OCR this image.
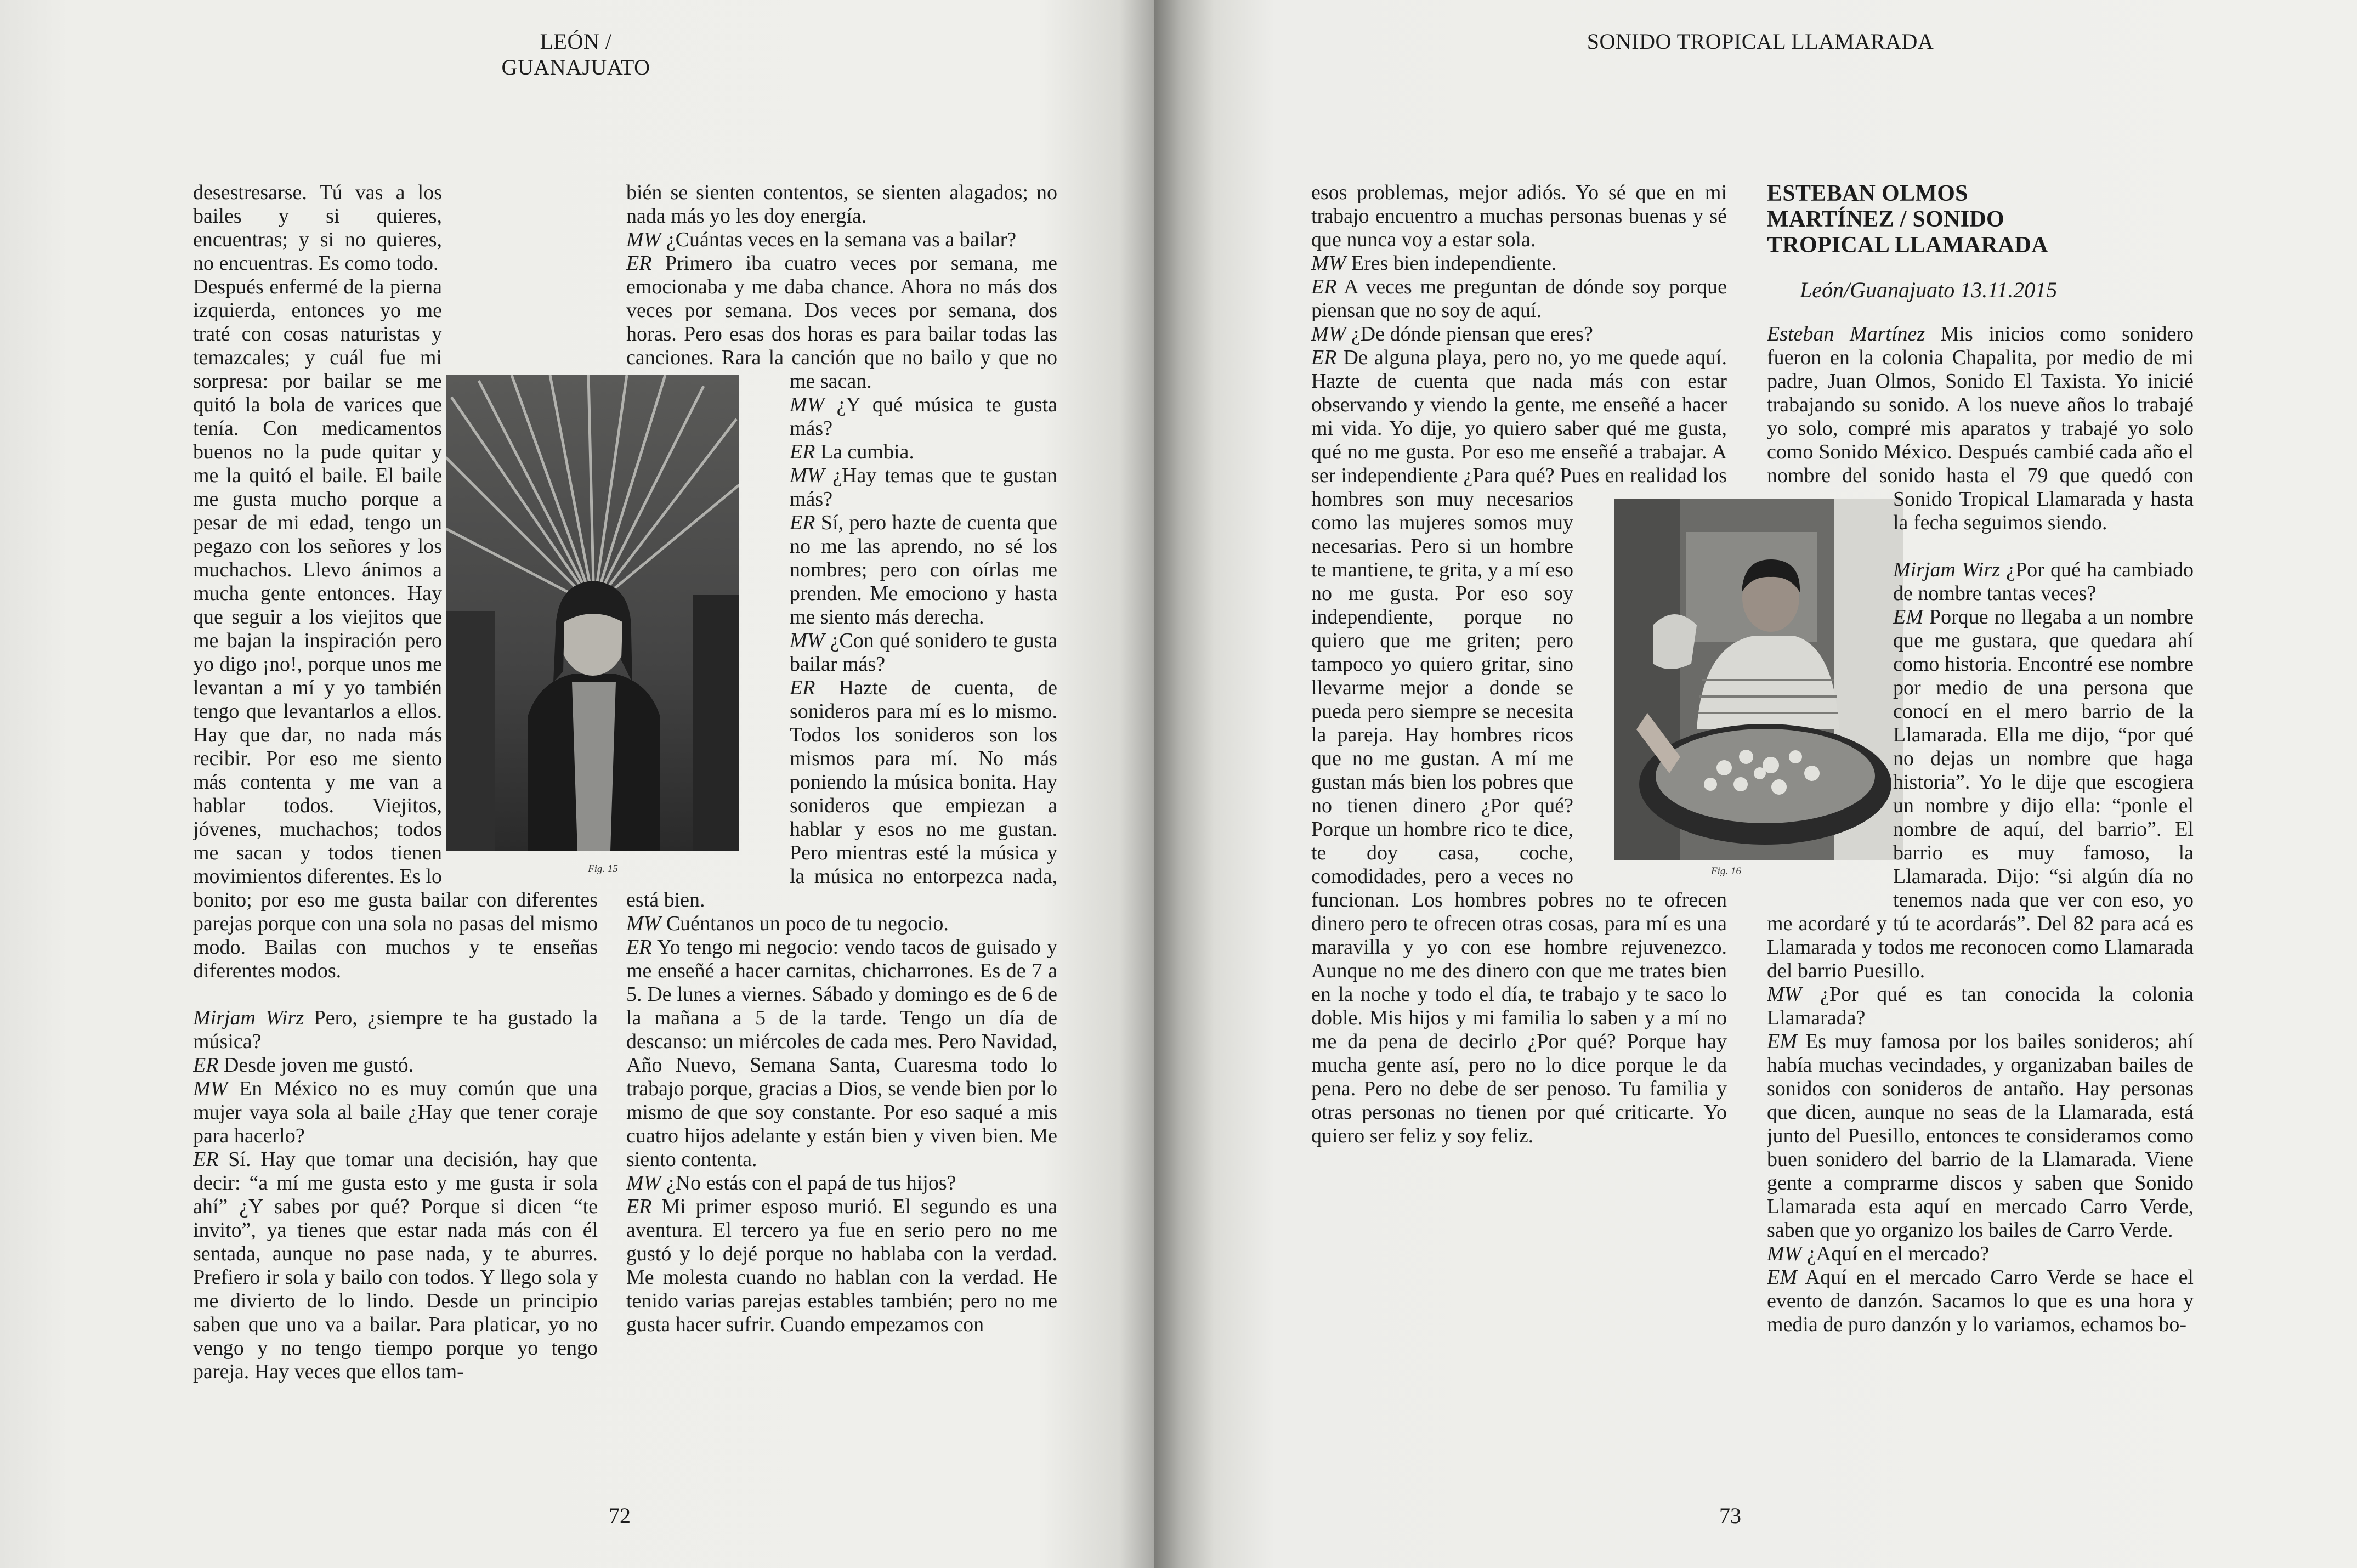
LEÓN / GUANAJUATO
Fig. 15

desestresarse. Tú vas a los bailes y si quieres, encuentras; y si no quieres, no encuentras. Es como todo.

Después enfermé de la pierna izquierda, entonces yo me traté con cosas naturistas y temazcales; y cuál fue mi sorpresa: por bailar se me quitó la bola de varices que tenía. Con medicamentos buenos no la pude quitar y me la quitó el baile. El baile me gusta mucho porque a pesar de mi edad, tengo un pegazo con los señores y los muchachos. Llevo ánimos a mucha gente entonces. Hay que seguir a los viejitos que me bajan la inspiración pero yo digo ¡no!, porque unos me levantan a mí y yo también tengo que levantarlos a ellos. Hay que dar, no nada más recibir. Por eso me siento más contenta y me van a hablar todos. Viejitos, jóvenes, muchachos; todos me sacan y todos tienen movimientos diferentes. Es lo bonito; por eso me gusta bailar con diferentes parejas porque con una sola no pasas del mismo modo. Bailas con muchos y te enseñas diferentes modos.

Mirjam Wirz Pero, ¿siempre te ha gustado la música?

ER Desde joven me gustó.

MW En México no es muy común que una mujer vaya sola al baile ¿Hay que tener coraje para hacerlo?

ER Sí. Hay que tomar una decisión, hay que decir: “a mí me gusta esto y me gusta ir sola ahí” ¿Y sabes por qué? Porque si dicen “te invito”, ya tienes que estar nada más con él sentada, aunque no pase nada, y te aburres. Prefiero ir sola y bailo con todos. Y llego sola y me divierto de lo lindo. Desde un principio saben que uno va a bailar. Para platicar, yo no vengo y no tengo tiempo porque yo tengo pareja. Hay veces que ellos tam-

bién se sienten contentos, se sienten alagados; no nada más yo les doy energía.

MW ¿Cuántas veces en la semana vas a bailar?

ER Primero iba cuatro veces por semana, me emocionaba y me daba chance. Ahora no más dos veces por semana. Dos veces por semana, dos horas. Pero esas dos horas es para bailar todas las canciones. Rara la canción que no bailo y que no me sacan.

MW ¿Y qué música te gusta más?

ER La cumbia.

MW ¿Hay temas que te gustan más?

ER Sí, pero hazte de cuenta que no me las aprendo, no sé los nombres; pero con oírlas me prenden. Me emociono y hasta me siento más derecha.

MW ¿Con qué sonidero te gusta bailar más?

ER Hazte de cuenta, de sonideros para mí es lo mismo. Todos los sonideros son los mismos para mí. No más poniendo la música bonita. Hay sonideros que empiezan a hablar y esos no me gustan. Pero mientras esté la música y la música no entorpezca nada, está bien.

MW Cuéntanos un poco de tu negocio.

ER Yo tengo mi negocio: vendo tacos de guisado y me enseñé a hacer carnitas, chicharrones. Es de 7 a 5. De lunes a viernes. Sábado y domingo es de 6 de la mañana a 5 de la tarde. Tengo un día de descanso: un miércoles de cada mes. Pero Navidad, Año Nuevo, Semana Santa, Cuaresma todo lo trabajo porque, gracias a Dios, se vende bien por lo mismo de que soy constante. Por eso saqué a mis cuatro hijos adelante y están bien y viven bien. Me siento contenta.

MW ¿No estás con el papá de tus hijos?

ER Mi primer esposo murió. El segundo es una aventura. El tercero ya fue en serio pero no me gustó y lo dejé porque no hablaba con la verdad. Me molesta cuando no hablan con la verdad. He tenido varias parejas estables también; pero no me gusta hacer sufrir. Cuando empezamos con

72
SONIDO TROPICAL LLAMARADA
Fig. 16

esos problemas, mejor adiós. Yo sé que en mi trabajo encuentro a muchas personas buenas y sé que nunca voy a estar sola.

MW Eres bien independiente.

ER A veces me preguntan de dónde soy porque piensan que no soy de aquí.

MW ¿De dónde piensan que eres?

ER De alguna playa, pero no, yo me quede aquí. Hazte de cuenta que nada más con estar observando y viendo la gente, me enseñé a hacer mi vida. Yo dije, yo quiero saber qué me gusta, qué no me gusta. Por eso me enseñé a trabajar. A ser independiente ¿Para qué? Pues en realidad los hombres son muy necesarios como las mujeres somos muy necesarias. Pero si un hombre te mantiene, te grita, y a mí eso no me gusta. Por eso soy independiente, porque no quiero que me griten; pero tampoco yo quiero gritar, sino llevarme mejor a donde se pueda pero siempre se necesita la pareja. Hay hombres ricos que no me gustan. A mí me gustan más bien los pobres que no tienen dinero ¿Por qué? Porque un hombre rico te dice, te doy casa, coche, comodidades, pero a veces no funcionan. Los hombres pobres no te ofrecen dinero pero te ofrecen otras cosas, para mí es una maravilla y yo con ese hombre rejuvenezco. Aunque no me des dinero con que me trates bien en la noche y todo el día, te trabajo y te saco lo doble. Mis hijos y mi familia lo saben y a mí no me da pena de decirlo ¿Por qué? Porque hay mucha gente así, pero no lo dice porque le da pena. Pero no debe de ser penoso. Tu familia y otras personas no tienen por qué criticarte. Yo quiero ser feliz y soy feliz.

ESTEBAN OLMOS MARTÍNEZ / SONIDO TROPICAL LLAMARADA
León/Guanajuato 13.11.2015

Esteban Martínez Mis inicios como sonidero fueron en la colonia Chapalita, por medio de mi padre, Juan Olmos, Sonido El Taxista. Yo inicié trabajando su sonido. A los nueve años lo trabajé yo solo, compré mis aparatos y trabajé yo solo como Sonido México. Después cambié cada año el nombre del sonido hasta el 79 que quedó con Sonido Tropical Llamarada y hasta la fecha seguimos siendo.

Mirjam Wirz ¿Por qué ha cambiado de nombre tantas veces?

EM Porque no llegaba a un nombre que me gustara, que quedara ahí como historia. Encontré ese nombre por medio de una persona que conocí en el mero barrio de la Llamarada. Ella me dijo, “por qué no dejas un nombre que haga historia”. Yo le dije que escogiera un nombre y dijo ella: “ponle el nombre de aquí, del barrio”. El barrio es muy famoso, la Llamarada. Dijo: “si algún día no tenemos nada que ver con eso, yo me acordaré y tú te acordarás”. Del 82 para acá es Llamarada y todos me reconocen como Llamarada del barrio Puesillo.

MW ¿Por qué es tan conocida la colonia Llamarada?

EM Es muy famosa por los bailes sonideros; ahí había muchas vecindades, y organizaban bailes de sonidos con sonideros de antaño. Hay personas que dicen, aunque no seas de la Llamarada, está junto del Puesillo, entonces te consideramos como buen sonidero del barrio de la Llamarada. Viene gente a comprarme discos y saben que Sonido Llamarada esta aquí en mercado Carro Verde, saben que yo organizo los bailes de Carro Verde.

MW ¿Aquí en el mercado?

EM Aquí en el mercado Carro Verde se hace el evento de danzón. Sacamos lo que es una hora y media de puro danzón y lo variamos, echamos bo-

73
